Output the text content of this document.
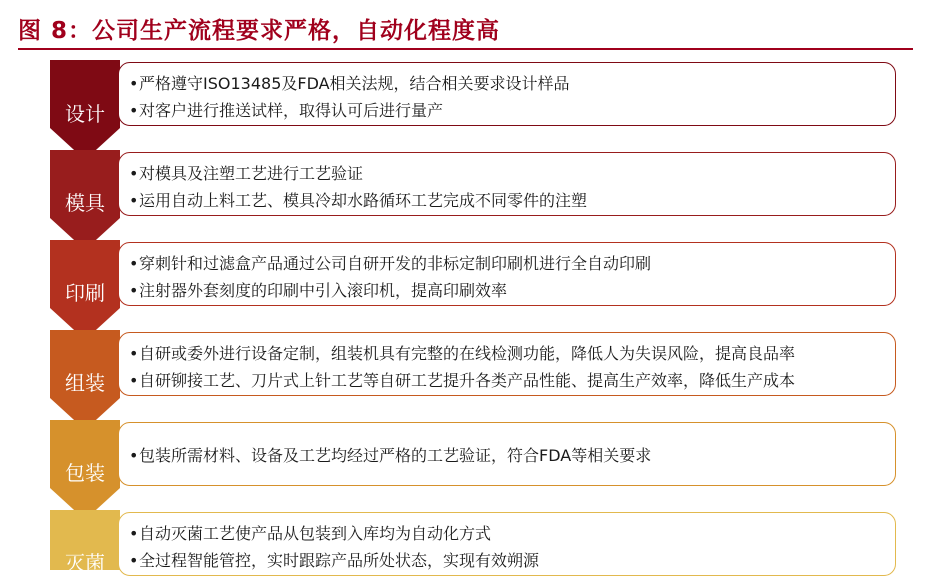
图 8：公司生产流程要求严格，自动化程度高
设计
模具
印刷
组装
包装
灭菌
•严格遵守ISO13485及FDA相关法规，结合相关要求设计样品
•对客户进行推送试样，取得认可后进行量产
•对模具及注塑工艺进行工艺验证
•运用自动上料工艺、模具冷却水路循环工艺完成不同零件的注塑
•穿刺针和过滤盒产品通过公司自研开发的非标定制印刷机进行全自动印刷
•注射器外套刻度的印刷中引入滚印机，提高印刷效率
•自研或委外进行设备定制，组装机具有完整的在线检测功能，降低人为失误风险，提高良品率
•自研铆接工艺、刀片式上针工艺等自研工艺提升各类产品性能、提高生产效率，降低生产成本
•包装所需材料、设备及工艺均经过严格的工艺验证，符合FDA等相关要求
•自动灭菌工艺使产品从包装到入库均为自动化方式
•全过程智能管控，实时跟踪产品所处状态，实现有效朔源
